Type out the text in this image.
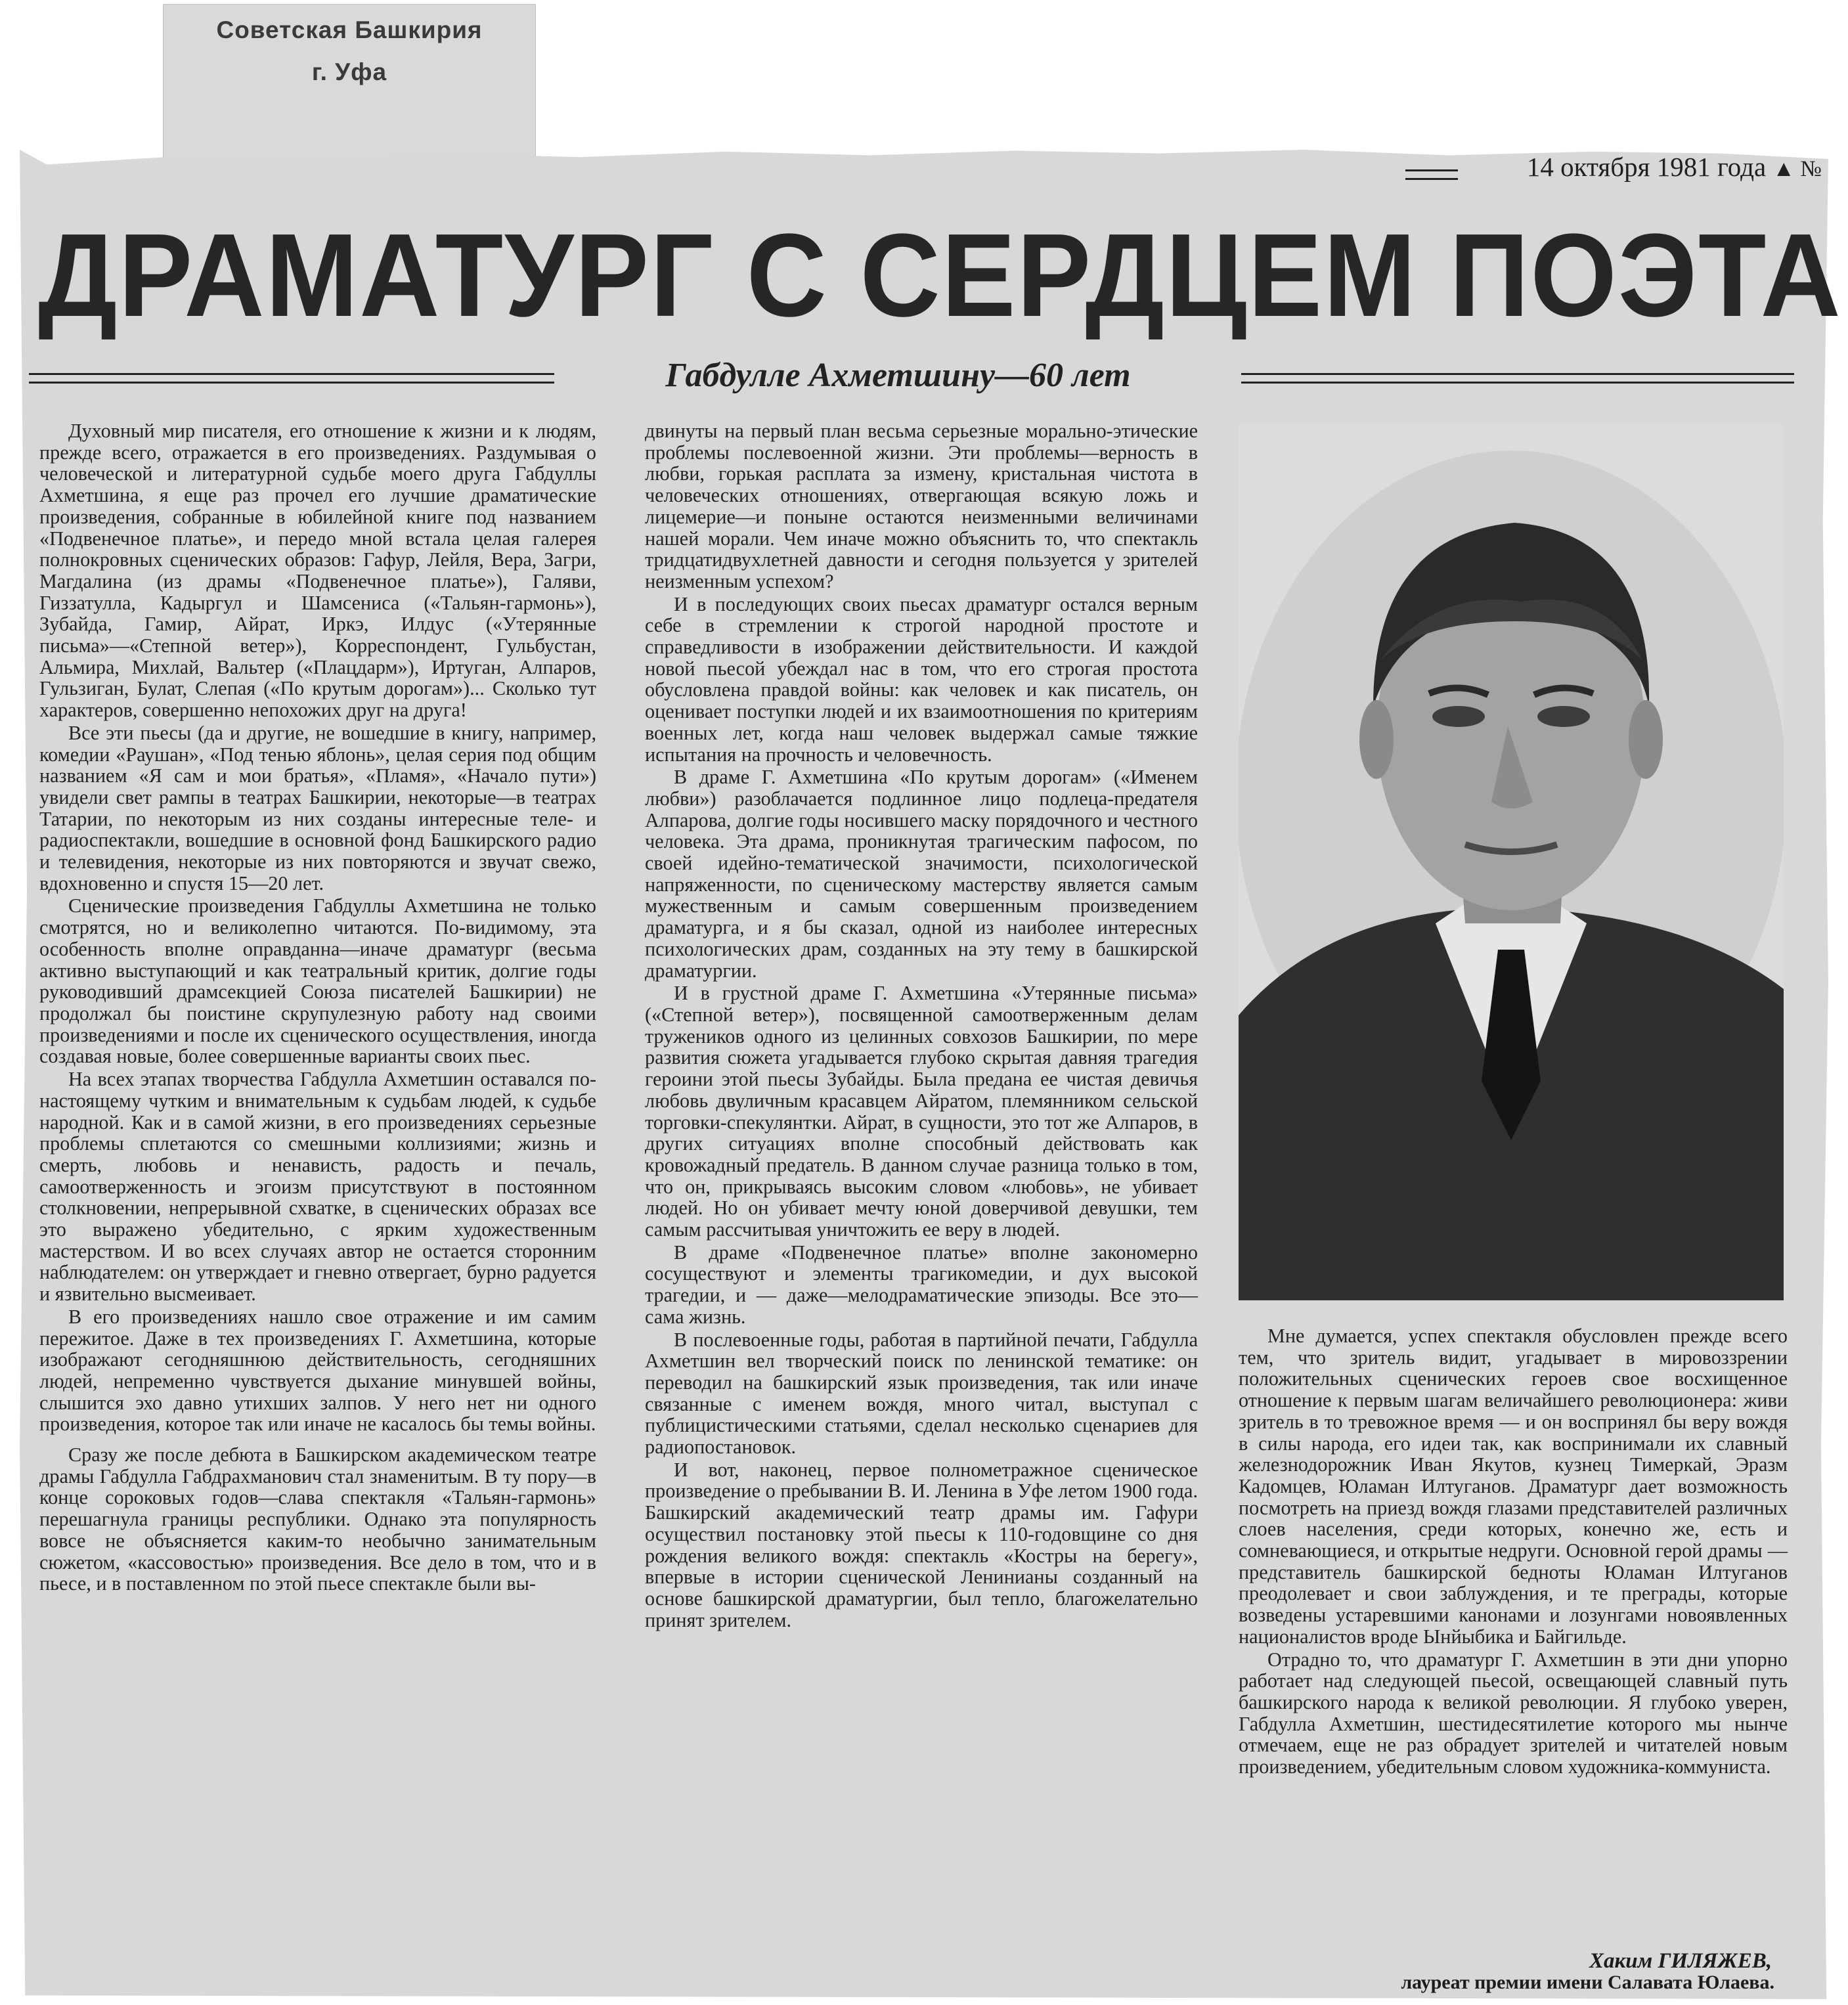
Советская Башкирия
г. Уфа
14 октября 1981 года ▲ №
ДРАМАТУРГ С СЕРДЦЕМ ПОЭТА
Габдулле Ахметшину—60 лет

Духовный мир писателя, его отношение к жизни и к людям, прежде всего, отражается в его произведениях. Раздумывая о человеческой и литературной судьбе моего друга Габдуллы Ахметшина, я еще раз прочел его лучшие драматические произведения, собранные в юбилейной книге под названием «Подвенечное платье», и передо мной встала целая галерея полнокровных сценических образов: Гафур, Лейля, Вера, Загри, Магдалина (из драмы «Подвенечное платье»), Галяви, Гиззатулла, Кадыргул и Шамсениса («Тальян-гармонь»), Зубайда, Гамир, Айрат, Иркэ, Илдус («Утерянные письма»—«Степной ветер»), Корреспондент, Гульбустан, Альмира, Михлай, Вальтер («Плацдарм»), Иртуган, Алпаров, Гульзиган, Булат, Слепая («По крутым дорогам»)... Сколько тут характеров, совершенно непохожих друг на друга!

Все эти пьесы (да и другие, не вошедшие в книгу, например, комедии «Раушан», «Под тенью яблонь», целая серия под общим названием «Я сам и мои братья», «Пламя», «Начало пути») увидели свет рампы в театрах Башкирии, некоторые—в театрах Татарии, по некоторым из них созданы интересные теле- и радиоспектакли, вошедшие в основной фонд Башкирского радио и телевидения, некоторые из них повторяются и звучат свежо, вдохновенно и спустя 15—20 лет.

Сценические произведения Габдуллы Ахметшина не только смотрятся, но и великолепно читаются. По-видимому, эта особенность вполне оправданна—иначе драматург (весьма активно выступающий и как театральный критик, долгие годы руководивший драмсекцией Союза писателей Башкирии) не продолжал бы поистине скрупулезную работу над своими произведениями и после их сценического осуществления, иногда создавая новые, более совершенные варианты своих пьес.

На всех этапах творчества Габдулла Ахметшин оставался по-настоящему чутким и внимательным к судьбам людей, к судьбе народной. Как и в самой жизни, в его произведениях серьезные проблемы сплетаются со смешными коллизиями; жизнь и смерть, любовь и ненависть, радость и печаль, самоотверженность и эгоизм присутствуют в постоянном столкновении, непрерывной схватке, в сценических образах все это выражено убедительно, с ярким художественным мастерством. И во всех случаях автор не остается сторонним наблюдателем: он утверждает и гневно отвергает, бурно радуется и язвительно высмеивает.

В его произведениях нашло свое отражение и им самим пережитое. Даже в тех произведениях Г. Ахметшина, которые изображают сегодняшнюю действительность, сегодняшних людей, непременно чувствуется дыхание минувшей войны, слышится эхо давно утихших залпов. У него нет ни одного произведения, которое так или иначе не касалось бы темы войны.

Сразу же после дебюта в Башкирском академическом театре драмы Габдулла Габдрахманович стал знаменитым. В ту пору—в конце сороковых годов—слава спектакля «Тальян-гармонь» перешагнула границы республики. Однако эта популярность вовсе не объясняется каким-то необычно занимательным сюжетом, «кассовостью» произведения. Все дело в том, что и в пьесе, и в поставленном по этой пьесе спектакле были вы-

двинуты на первый план весьма серьезные морально-этические проблемы послевоенной жизни. Эти проблемы—верность в любви, горькая расплата за измену, кристальная чистота в человеческих отношениях, отвергающая всякую ложь и лицемерие—и поныне остаются неизменными величинами нашей морали. Чем иначе можно объяснить то, что спектакль тридцатидвухлетней давности и сегодня пользуется у зрителей неизменным успехом?

И в последующих своих пьесах драматург остался верным себе в стремлении к строгой народной простоте и справедливости в изображении действительности. И каждой новой пьесой убеждал нас в том, что его строгая простота обусловлена правдой войны: как человек и как писатель, он оценивает поступки людей и их взаимоотношения по критериям военных лет, когда наш человек выдержал самые тяжкие испытания на прочность и человечность.

В драме Г. Ахметшина «По крутым дорогам» («Именем любви») разоблачается подлинное лицо подлеца-предателя Алпарова, долгие годы носившего маску порядочного и честного человека. Эта драма, проникнутая трагическим пафосом, по своей идейно-тематической значимости, психологической напряженности, по сценическому мастерству является самым мужественным и самым совершенным произведением драматурга, и я бы сказал, одной из наиболее интересных психологических драм, созданных на эту тему в башкирской драматургии.

И в грустной драме Г. Ахметшина «Утерянные письма» («Степной ветер»), посвященной самоотверженным делам тружеников одного из целинных совхозов Башкирии, по мере развития сюжета угадывается глубоко скрытая давняя трагедия героини этой пьесы Зубайды. Была предана ее чистая девичья любовь двуличным красавцем Айратом, племянником сельской торговки-спекулянтки. Айрат, в сущности, это тот же Алпаров, в других ситуациях вполне способный действовать как кровожадный предатель. В данном случае разница только в том, что он, прикрываясь высоким словом «любовь», не убивает людей. Но он убивает мечту юной доверчивой девушки, тем самым рассчитывая уничтожить ее веру в людей.

В драме «Подвенечное платье» вполне закономерно сосуществуют и элементы трагикомедии, и дух высокой трагедии, и — даже—мелодраматические эпизоды. Все это—сама жизнь.

В послевоенные годы, работая в партийной печати, Габдулла Ахметшин вел творческий поиск по ленинской тематике: он переводил на башкирский язык произведения, так или иначе связанные с именем вождя, много читал, выступал с публицистическими статьями, сделал несколько сценариев для радиопостановок.

И вот, наконец, первое полнометражное сценическое произведение о пребывании В. И. Ленина в Уфе летом 1900 года. Башкирский академический театр драмы им. Гафури осуществил постановку этой пьесы к 110-годовщине со дня рождения великого вождя: спектакль «Костры на берегу», впервые в истории сценической Ленинианы созданный на основе башкирской драматургии, был тепло, благожелательно принят зрителем.

Мне думается, успех спектакля обусловлен прежде всего тем, что зритель видит, угадывает в мировоззрении положительных сценических героев свое восхищенное отношение к первым шагам величайшего революционера: живи зритель в то тревожное время — и он воспринял бы веру вождя в силы народа, его идеи так, как воспринимали их славный железнодорожник Иван Якутов, кузнец Тимеркай, Эразм Кадомцев, Юламан Илтуганов. Драматург дает возможность посмотреть на приезд вождя глазами представителей различных слоев населения, среди которых, конечно же, есть и сомневающиеся, и открытые недруги. Основной герой драмы — представитель башкирской бедноты Юламан Илтуганов преодолевает и свои заблуждения, и те преграды, которые возведены устаревшими канонами и лозунгами новоявленных националистов вроде Ынйыбика и Байгильде.

Отрадно то, что драматург Г. Ахметшин в эти дни упорно работает над следующей пьесой, освещающей славный путь башкирского народа к великой революции. Я глубоко уверен, Габдулла Ахметшин, шестидесятилетие которого мы нынче отмечаем, еще не раз обрадует зрителей и читателей новым произведением, убедительным словом художника-коммуниста.

Хаким ГИЛЯЖЕВ,
лауреат премии имени Салавата Юлаева.
